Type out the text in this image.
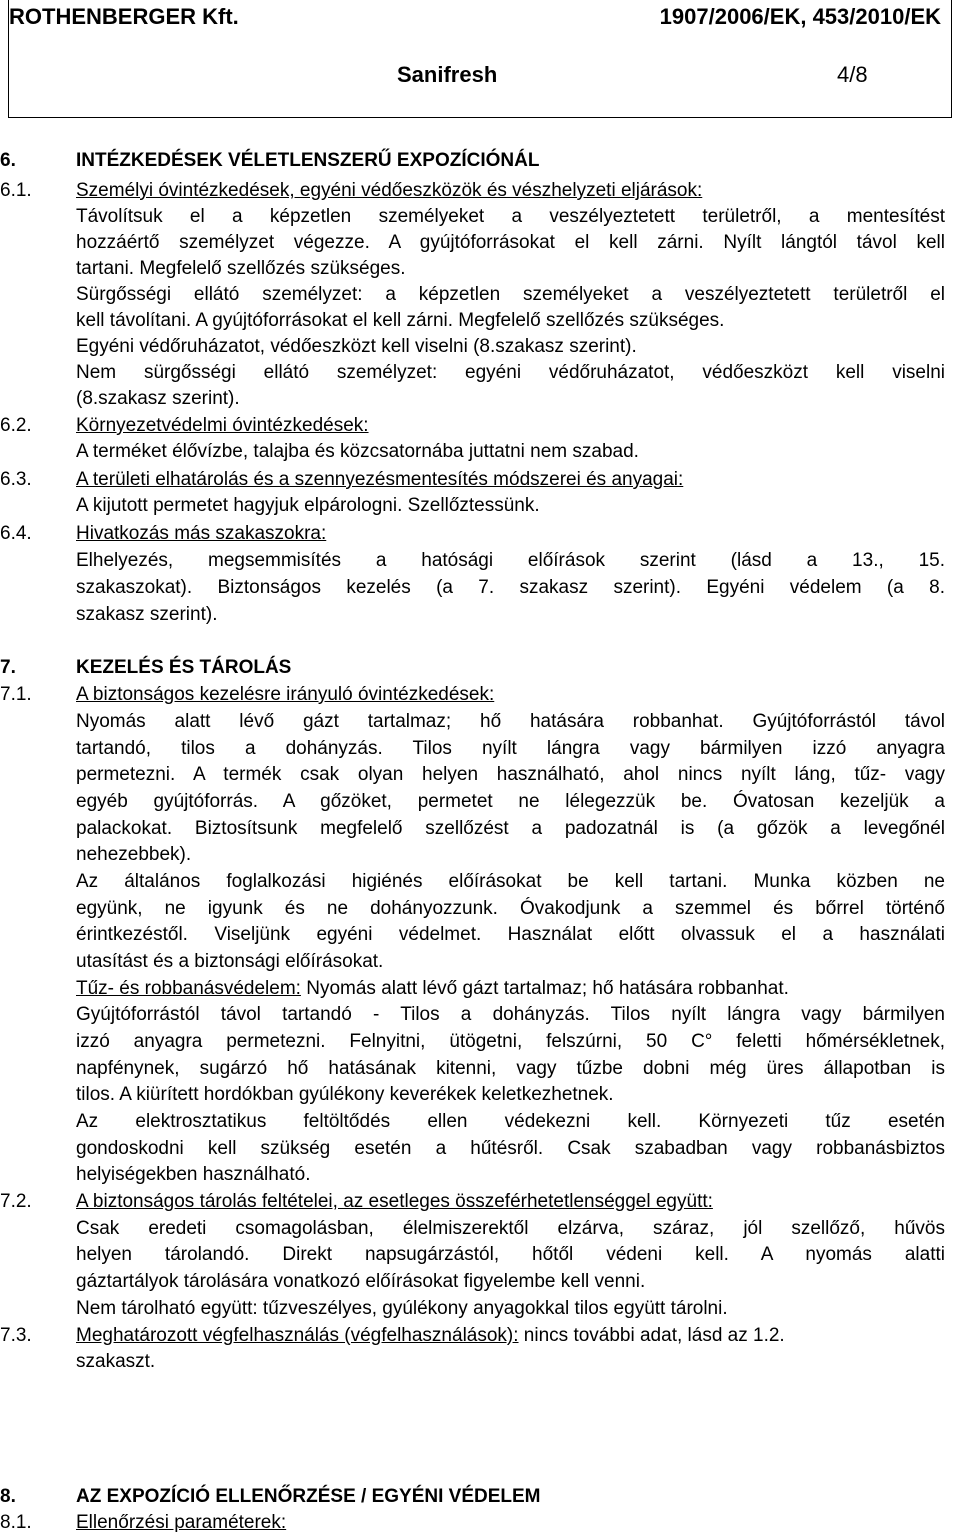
ROTHENBERGER Kft.	1907/2006/EK, 453/2010/EK
Sanifresh	4/8
6.	INTÉZKEDÉSEK VÉLETLENSZERŰ EXPOZÍCIÓNÁL
6.1. Személyi óvintézkedések, egyéni védőeszközök és vészhelyzeti eljárások:
Távolítsuk el a képzetlen személyeket a veszélyeztetett területről, a mentesítést
hozzáértő személyzet végezze. A gyújtóforrásokat el kell zárni. Nyílt lángtól távol kell
tartani. Megfelelő szellőzés szükséges.
Sürgősségi ellátó személyzet: a képzetlen személyeket a veszélyeztetett területről el
kell távolítani. A gyújtóforrásokat el kell zárni. Megfelelő szellőzés szükséges.
Egyéni védőruházatot, védőeszközt kell viselni (8.szakasz szerint).
Nem sürgősségi ellátó személyzet: egyéni védőruházatot, védőeszközt kell viselni
(8.szakasz szerint).
6.2. Környezetvédelmi óvintézkedések:
A terméket élővízbe, talajba és közcsatornába juttatni nem szabad.
6.3. A területi elhatárolás és a szennyezésmentesítés módszerei és anyagai:
A kijutott permetet hagyjuk elpárologni. Szellőztessünk.
6.4. Hivatkozás más szakaszokra:
Elhelyezés, megsemmisítés a hatósági előírások szerint (lásd a 13., 15.
szakaszokat). Biztonságos kezelés (a 7. szakasz szerint). Egyéni védelem (a 8.
szakasz szerint).
7.	KEZELÉS ÉS TÁROLÁS
7.1. A biztonságos kezelésre irányuló óvintézkedések:
Nyomás alatt lévő gázt tartalmaz; hő hatására robbanhat. Gyújtóforrástól távol
tartandó, tilos a dohányzás. Tilos nyílt lángra vagy bármilyen izzó anyagra
permetezni. A termék csak olyan helyen használható, ahol nincs nyílt láng, tűz- vagy
egyéb gyújtóforrás. A gőzöket, permetet ne lélegezzük be. Óvatosan kezeljük a
palackokat. Biztosítsunk megfelelő szellőzést a padozatnál is (a gőzök a levegőnél
nehezebbek).
Az általános foglalkozási higiénés előírásokat be kell tartani. Munka közben ne
együnk, ne igyunk és ne dohányozzunk. Óvakodjunk a szemmel és bőrrel történő
érintkezéstől. Viseljünk egyéni védelmet. Használat előtt olvassuk el a használati
utasítást és a biztonsági előírásokat.
Tűz- és robbanásvédelem: Nyomás alatt lévő gázt tartalmaz; hő hatására robbanhat.
Gyújtóforrástól távol tartandó - Tilos a dohányzás. Tilos nyílt lángra vagy bármilyen
izzó anyagra permetezni. Felnyitni, ütögetni, felszúrni, 50 C° feletti hőmérsékletnek,
napfénynek, sugárzó hő hatásának kitenni, vagy tűzbe dobni még üres állapotban is
tilos. A kiürített hordókban gyúlékony keverékek keletkezhetnek.
Az elektrosztatikus feltöltődés ellen védekezni kell. Környezeti tűz esetén
gondoskodni kell szükség esetén a hűtésről. Csak szabadban vagy robbanásbiztos
helyiségekben használható.
7.2. A biztonságos tárolás feltételei, az esetleges összeférhetetlenséggel együtt:
Csak eredeti csomagolásban, élelmiszerektől elzárva, száraz, jól szellőző, hűvös
helyen tárolandó. Direkt napsugárzástól, hőtől védeni kell. A nyomás alatti
gáztartályok tárolására vonatkozó előírásokat figyelembe kell venni.
Nem tárolható együtt: tűzveszélyes, gyúlékony anyagokkal tilos együtt tárolni.
7.3. Meghatározott végfelhasználás (végfelhasználások): nincs további adat, lásd az 1.2.
szakaszt.
8.	AZ EXPOZÍCIÓ ELLENŐRZÉSE / EGYÉNI VÉDELEM
8.1. Ellenőrzési paraméterek:
